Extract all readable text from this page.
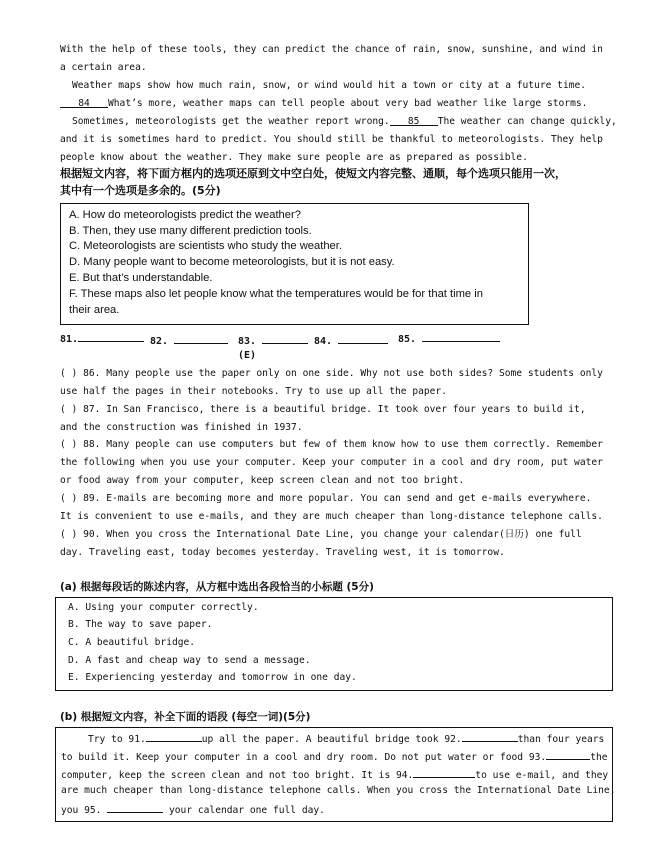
With the help of these tools, they can predict the chance of rain, snow, sunshine, and wind in
a certain area.
Weather maps show how much rain, snow, or wind would hit a town or city at a future time.
84 What’s more, weather maps can tell people about very bad weather like large storms.
Sometimes, meteorologists get the weather report wrong. 85 The weather can change quickly,
and it is sometimes hard to predict. You should still be thankful to meteorologists. They help
people know about the weather. They make sure people are as prepared as possible.
根据短文内容，将下面方框内的选项还原到文中空白处，使短文内容完整、通顺，每个选项只能用一次，
其中有一个选项是多余的。(5分)
A. How do meteorologists predict the weather?
B. Then, they use many different prediction tools.
C. Meteorologists are scientists who study the weather.
D. Many people want to become meteorologists, but it is not easy.
E. But that’s understandable.
F. These maps also let people know what the temperatures would be for that time in
their area.
81.	82.	83.	84.	85.
(E)
( ) 86. Many people use the paper only on one side. Why not use both sides? Some students only
use half the pages in their notebooks. Try to use up all the paper.
( ) 87. In San Francisco, there is a beautiful bridge. It took over four years to build it,
and the construction was finished in 1937.
( ) 88. Many people can use computers but few of them know how to use them correctly. Remember
the following when you use your computer. Keep your computer in a cool and dry room, put water
or food away from your computer, keep screen clean and not too bright.
( ) 89. E-mails are becoming more and more popular. You can send and get e-mails everywhere.
It is convenient to use e-mails, and they are much cheaper than long-distance telephone calls.
( ) 90. When you cross the International Date Line, you change your calendar(日历) one full
day. Traveling east, today becomes yesterday. Traveling west, it is tomorrow.
(a) 根据每段话的陈述内容，从方框中选出各段恰当的小标题 (5分)
A. Using your computer correctly.
B. The way to save paper.
C. A beautiful bridge.
D. A fast and cheap way to send a message.
E. Experiencing yesterday and tomorrow in one day.
(b) 根据短文内容，补全下面的语段 (每空一词)(5分)
Try to 91.	up all the paper. A beautiful bridge took 92.	than four years
to build it. Keep your computer in a cool and dry room. Do not put water or food 93.	the
computer, keep the screen clean and not too bright. It is 94.	to use e-mail, and they
are much cheaper than long-distance telephone calls. When you cross the International Date Line,
you 95.	your calendar one full day.
